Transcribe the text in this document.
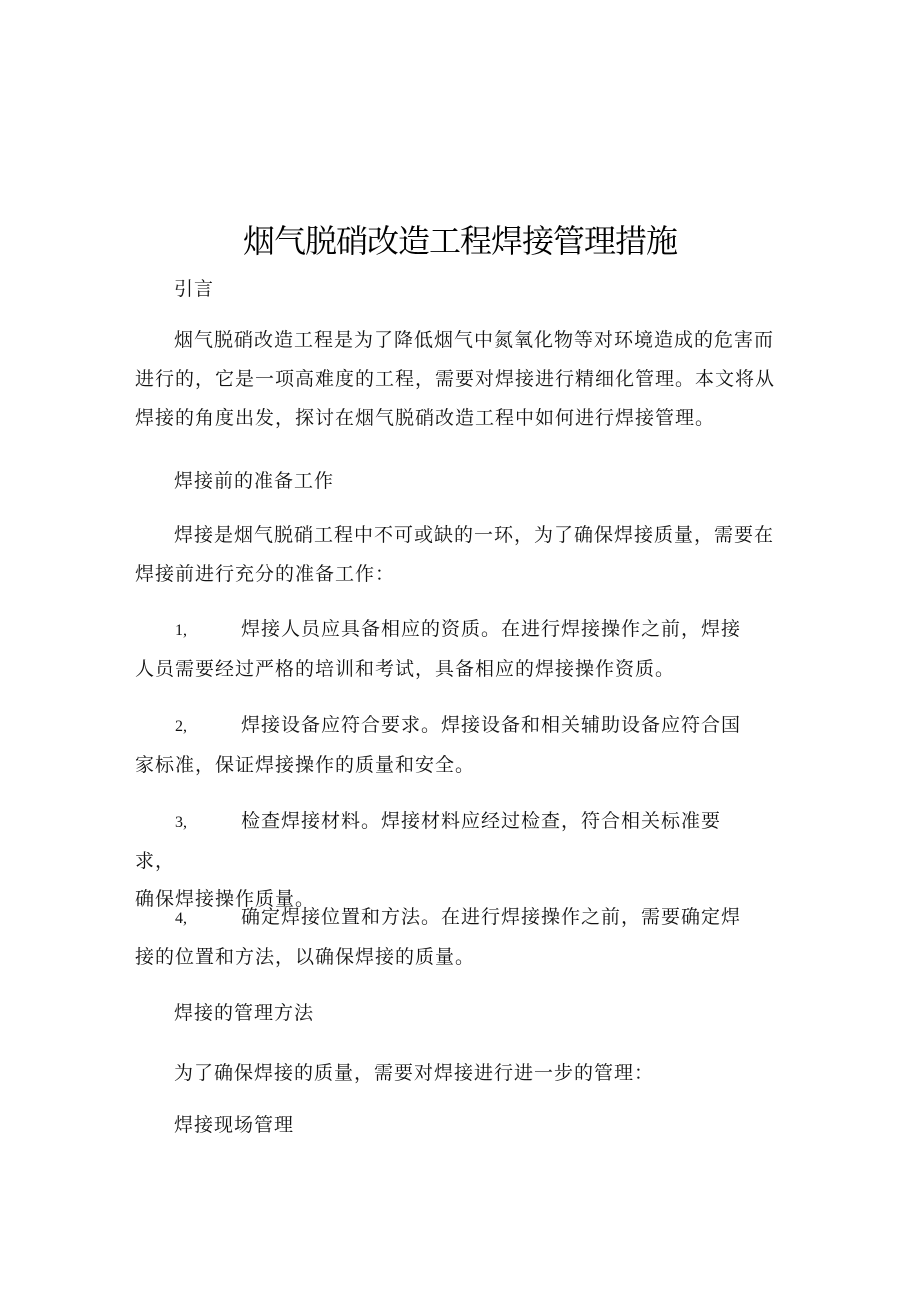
烟气脱硝改造工程焊接管理措施

引言

烟气脱硝改造工程是为了降低烟气中氮氧化物等对环境造成的危害而进行的，它是一项高难度的工程，需要对焊接进行精细化管理。本文将从焊接的角度出发，探讨在烟气脱硝改造工程中如何进行焊接管理。

焊接前的准备工作

焊接是烟气脱硝工程中不可或缺的一环，为了确保焊接质量，需要在焊接前进行充分的准备工作：

1,	焊接人员应具备相应的资质。在进行焊接操作之前，焊接
人员需要经过严格的培训和考试，具备相应的焊接操作资质。
2,	焊接设备应符合要求。焊接设备和相关辅助设备应符合国
家标准，保证焊接操作的质量和安全。
3,	检查焊接材料。焊接材料应经过检查，符合相关标准要求，
确保焊接操作质量。
4,	确定焊接位置和方法。在进行焊接操作之前，需要确定焊
接的位置和方法，以确保焊接的质量。

焊接的管理方法

为了确保焊接的质量，需要对焊接进行进一步的管理：

焊接现场管理
